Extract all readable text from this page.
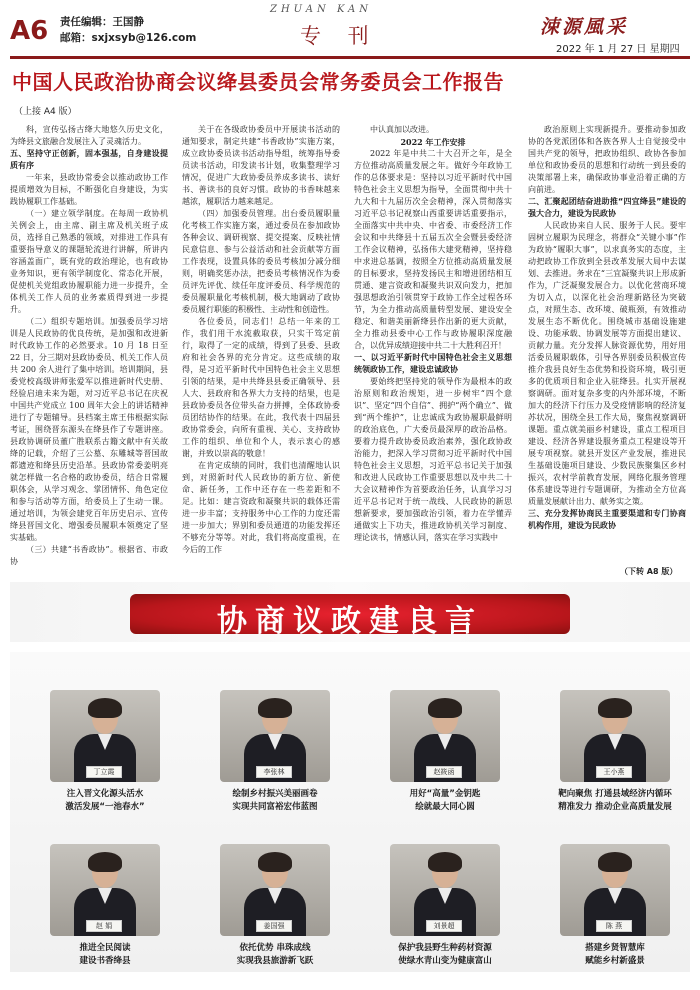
A6 责任编辑：王国静
邮箱：sxjxsyb@126.com
ZHUAN KAN
专 刊	涑源風采
2022 年 1 月 27 日 星期四
中国人民政治协商会议绛县委员会常务委员会工作报告
（上接 A4 版）

科，宣传弘扬古绛大地悠久历史文化，为绛县文旅融合发展注入了灵魂活力。

五、坚持守正创新，固本强基，自身建设提质有序

一年来，县政协常委会以推动政协工作提质增效为目标，不断强化自身建设，为实践协履职工作基础。

（一）建立领学制度。在每周一政协机关例会上，由主席、副主席及机关班子成员，选择自己熟悉的领域，对排进工作具有重要指导意义的课题轮流进行讲解，所讲内容涵盖面广，既有党的政治理论，也有政协业务知识，更有领学制度化、常态化开展，促使机关党组政协履职能力进一步提升，全体机关工作人员的业务素质得到进一步提升。

（二）组织专题培训。加强委员学习培训是人民政协的优良传统，是加强和改进新时代政协工作的必然要求。10 月 18 日至 22 日，分三期对县政协委员、机关工作人员共 200 余人进行了集中培训。培训期间，县委党校高级讲师张爱军以推进新时代史册、经验启迪未来为题，对习近平总书记在庆祝中国共产党成立 100 周年大会上的讲话精神进行了专题辅导。县档案主席王伟根据实际考证，围绕晋东源头在绛县作了专题讲座。县政协调研员董广胜联系古籍文献中有关故绛的记载，介绍了三公墓、东雕城等晋国故都遗迹和绛县历史沿革。县政协常委姜明亮就怎样做一名合格的政协委员，结合日常履职体会，从学习观念、掌团情怀、角色定位和参与活动等方面，给委员上了生动一课。通过培训，为领会建党百年历史启示、宣传绛县晋国文化、增强委员履职本领奠定了坚实基础。

（三）共建“书香政协”。根据省、市政协

关于在各级政协委员中开展读书活动的通知要求，制定共建“书香政协”实施方案，成立政协委员读书活动指导组，统筹指导委员读书活动，印发读书计划，收集整理学习情况，促进广大政协委员养成多读书、读好书、善读书的良好习惯。政协的书香味越来越浓，履职活力越来越足。

（四）加强委员管理。出台委员履职量化考核工作实施方案，通过委员在参加政协各种会议、调研视察、提交提案、反映社情民意信息、参与公益活动和社会贡献等方面工作表现，设置具体的委员考核加分减分细则，明确奖惩办法，把委员考核情况作为委员评先评优、续任年度评委员、科学规范的委员履职量化考核机制，极大地调动了政协委员履行职能的积极性、主动性和创造性。

各位委员，同志们！总结一年来的工作，我们用干水流截取获，只实干笃定前行，取得了一定的成绩，得到了县委、县政府和社会各界的充分肯定。这些成绩的取得，是习近平新时代中国特色社会主义思想引领的结果，是中共绛县县委正确领导、县人大、县政府和各界大力支持的结果，也是县政协委员各位带头奋力拼搏，全体政协委员团结协作的结果。在此，我代表十四届县政协常委会，向所有重视、关心、支持政协工作的组织、单位和个人，表示衷心的感谢，并致以崇高的敬意！

在肯定成绩的同时，我们也清醒地认识到，对照新时代人民政协的新方位、新使命、新任务，工作中还存在一些差距和不足。比如：建言资政和凝聚共识的载体还需进一步丰富；支持服务中心工作的力度还需进一步加大；界别和委员通道的功能发挥还不够充分等等。对此，我们将高度重视，在今后的工作

中认真加以改进。

2022 年工作安排

2022 年是中共二十大召开之年，是全方位推动高质量发展之年。做好今年政协工作的总体要求是：坚持以习近平新时代中国特色社会主义思想为指导，全面贯彻中共十九大和十九届历次全会精神，深入贯彻落实习近平总书记视察山西重要讲话重要指示，全面落实中共中央、中省委、市委经济工作会议和中共绛县十五届五次全会暨县委经济工作会议精神，弘扬伟大建党精神，坚持稳中求进总基调，按照全方位推动高质量发展的目标要求，坚持发扬民主和增进团结相互贯通、建言资政和凝聚共识双向发力，把加强思想政治引领贯穿于政协工作全过程各环节，为全力推动高质量转型发展、建设安全稳定、和谐美丽新绛县作出新的更大贡献，全力推动县委中心工作与政协履职深度融合，以优异成绩迎接中共二十大胜利召开！

一、以习近平新时代中国特色社会主义思想统领政协工作，建设忠诚政协

要始终把坚持党的领导作为最根本的政治原则和政治规矩，进一步树牢“四个意识”、坚定“四个自信”、拥护“两个确立”、做到“两个维护”，让忠诚成为政协履职最鲜明的政治底色，广大委员最深厚的政治品格。要着力提升政协委员政治素养，强化政协政治能力，把深入学习贯彻习近平新时代中国特色社会主义思想，习近平总书记关于加强和改进人民政协工作重要思想以及中共二十大会议精神作为首要政治任务，认真学习习近平总书记对于统一战线、人民政协的新思想新要求，要加强政治引领，着力在学懂弄通做实上下功夫，推进政协机关学习制度、理论读书，情感认同，落实在学习实践中

政治原则上实现新提升。要推动参加政协的各党派团体和各族各界人士自觉接受中国共产党的领导，把政协组织、政协各参加单位和政协委员的思想和行动统一到县委的决策部署上来，确保政协事业沿着正确的方向前进。

二、汇聚起团结奋进助推“四宜绛县”建设的强大合力，建设为民政协

人民政协来自人民、服务于人民。要牢固树立履职为民理念，将群众“关键小事”作为政协“履职大事”，以求真务实的态度，主动把政协工作放到全县改革发展大局中去谋划、去推进。务求在“三宜凝聚共识上形成新作为，广泛凝聚发展合力。以优化营商环境为切入点，以深化社会治理新路径为突破点，对照生态、改环境、破瓶颈，有效推动发展生态不断优化。围绕城市基础设施建设、功能承载、协调发展等方面提出建议、贡献力量。充分发挥人脉资源优势，用好用活委员履职载体，引导各界别委员积极宣传推介我县良好生态优势和投资环境，吸引更多的优质项目和企业入驻绛县。扎实开展视察调研。面对复杂多变的内外部环境，不断加大的经济下行压力及受疫情影响的经济复苏状况，围绕全县工作大局，聚焦视察调研课题。重点就美丽乡村建设，重点工程项目建设、经济各界建设服务重点工程建设等开展专项视察。就县开发区产业发展，推进民生基础设施项目建设、少数民族聚集区乡村振兴，农村学前教育发展，网络化服务管理体系建设等进行专题调研，为推动全方位高质量发展献计出力、献务实之策。

三、充分发挥协商民主重要渠道和专门协商机构作用，建设为民政协

（下转 A8 版）
协商议政建良言
丁立霞
注入晋文化源头活水
激活发展“一池春水”
李张林
绘制乡村振兴美丽画卷
实现共同富裕宏伟蓝图
赵筱函
用好“高量”金钥匙
绘就最大同心圆
王小燕
靶向聚焦 打通县域经济内循环
精准发力 推动企业高质量发展
赵 娟
推进全民阅读
建设书香绛县
姜国强
依托优势 串珠成线
实现我县旅游新飞跃
刘景超
保护我县野生种药材资源
使绿水青山变为健康富山
陈 燕
搭建乡贤智慧库
赋能乡村新盛景
